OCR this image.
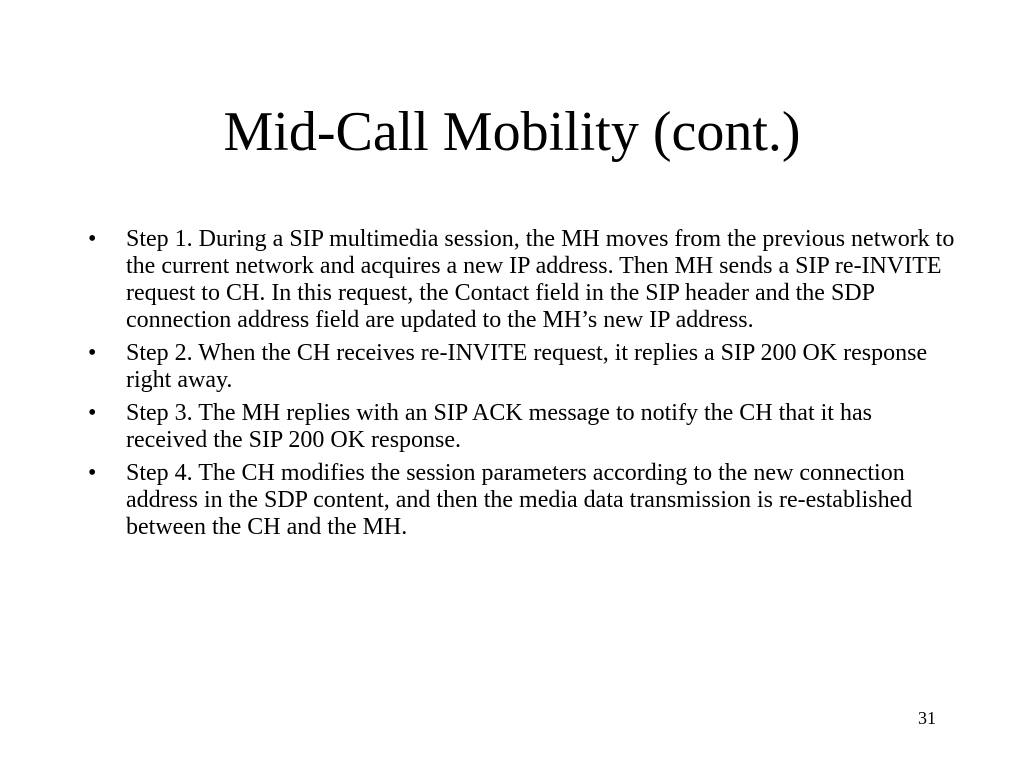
Mid-Call Mobility (cont.)
•	Step 1. During a SIP multimedia session, the MH moves from the previous network to the current network and acquires a new IP address. Then MH sends a SIP re-INVITE request to CH. In this request, the Contact field in the SIP header and the SDP connection address field are updated to the MH’s new IP address.
•	Step 2. When the CH receives re-INVITE request, it replies a SIP 200 OK response right away.
•	Step 3. The MH replies with an SIP ACK message to notify the CH that it has received the SIP 200 OK response.
•	Step 4. The CH modifies the session parameters according to the new connection address in the SDP content, and then the media data transmission is re-established between the CH and the MH.
31
